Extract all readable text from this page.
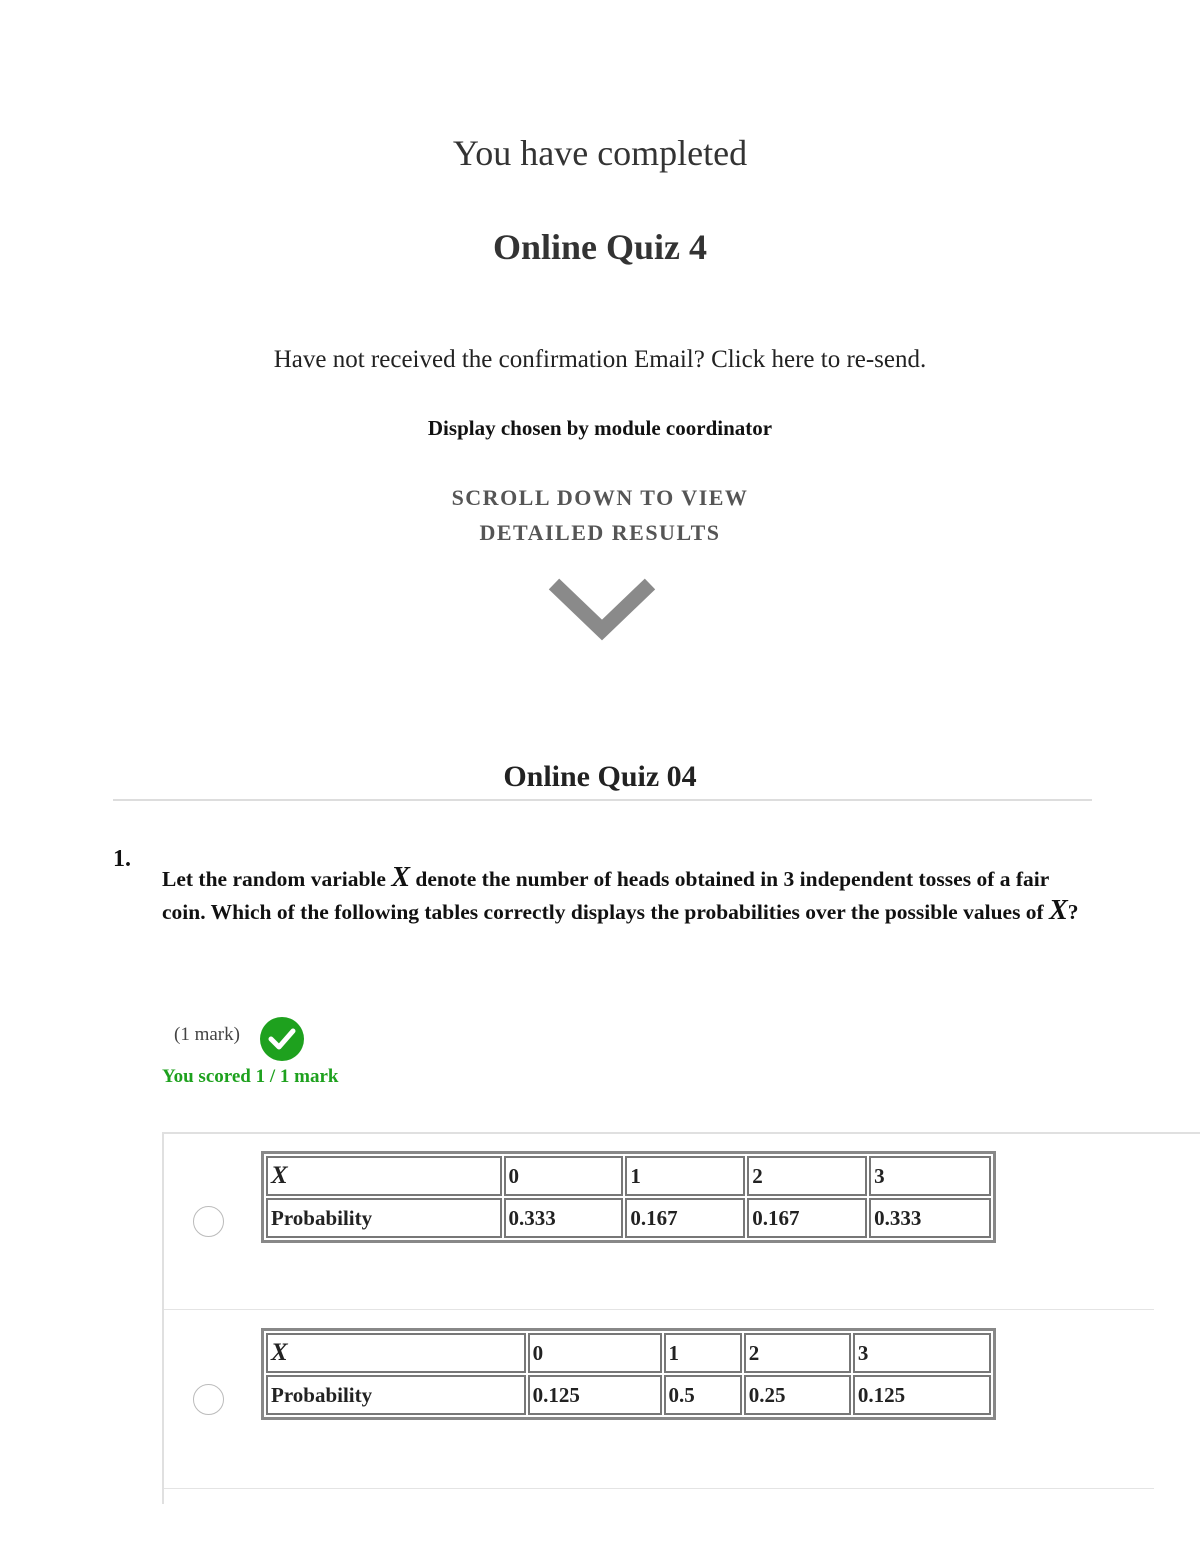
You have completed
Online Quiz 4
Have not received the confirmation Email? Click here to re-send.
Display chosen by module coordinator
SCROLL DOWN TO VIEW
DETAILED RESULTS
Online Quiz 04
1.
Let the random variable X denote the number of heads obtained in 3 independent tosses of a fair coin. Which of the following tables correctly displays the probabilities over the possible values of X?
(1 mark)
You scored 1 / 1 mark
X	0	1	2	3
Probability	0.333	0.167	0.167	0.333
X	0	1	2	3
Probability	0.125	0.5	0.25	0.125
